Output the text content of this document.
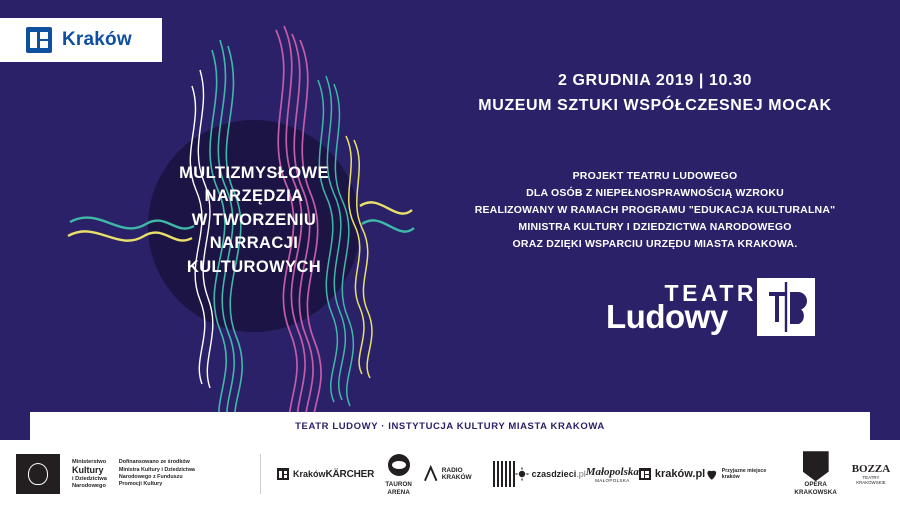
Kraków
MULTIZMYSŁOWE
NARZĘDZIA
W TWORZENIU
NARRACJI
KULTUROWYCH
2 GRUDNIA 2019 | 10.30
MUZEUM SZTUKI WSPÓŁCZESNEJ MOCAK
PROJEKT TEATRU LUDOWEGO
DLA OSÓB Z NIEPEŁNOSPRAWNOŚCIĄ WZROKU
REALIZOWANY W RAMACH PROGRAMU "EDUKACJA KULTURALNA"
MINISTRA KULTURY I DZIEDZICTWA NARODOWEGO
ORAZ DZIĘKI WSPARCIU URZĘDU MIASTA KRAKOWA.
TEATR
Ludowy
TEATR LUDOWY · INSTYTUCJA KULTURY MIASTA KRAKOWA
Ministerstwo
Kultury
i Dziedzictwa
Narodowego
Dofinansowano ze środków Ministra Kultury i Dziedzictwa Narodowego z Funduszu Promocji Kultury
Kraków KÄRCHER
TAURON ARENA
RADIO KRAKÓW	czasdzieci.pl Małopolska
MAŁOPOLSKA kraków.pl	Przyjazne miejsce kraków
OPERA KRAKOWSKA
BOZZA
TEATRY KRAKOWSKIE
